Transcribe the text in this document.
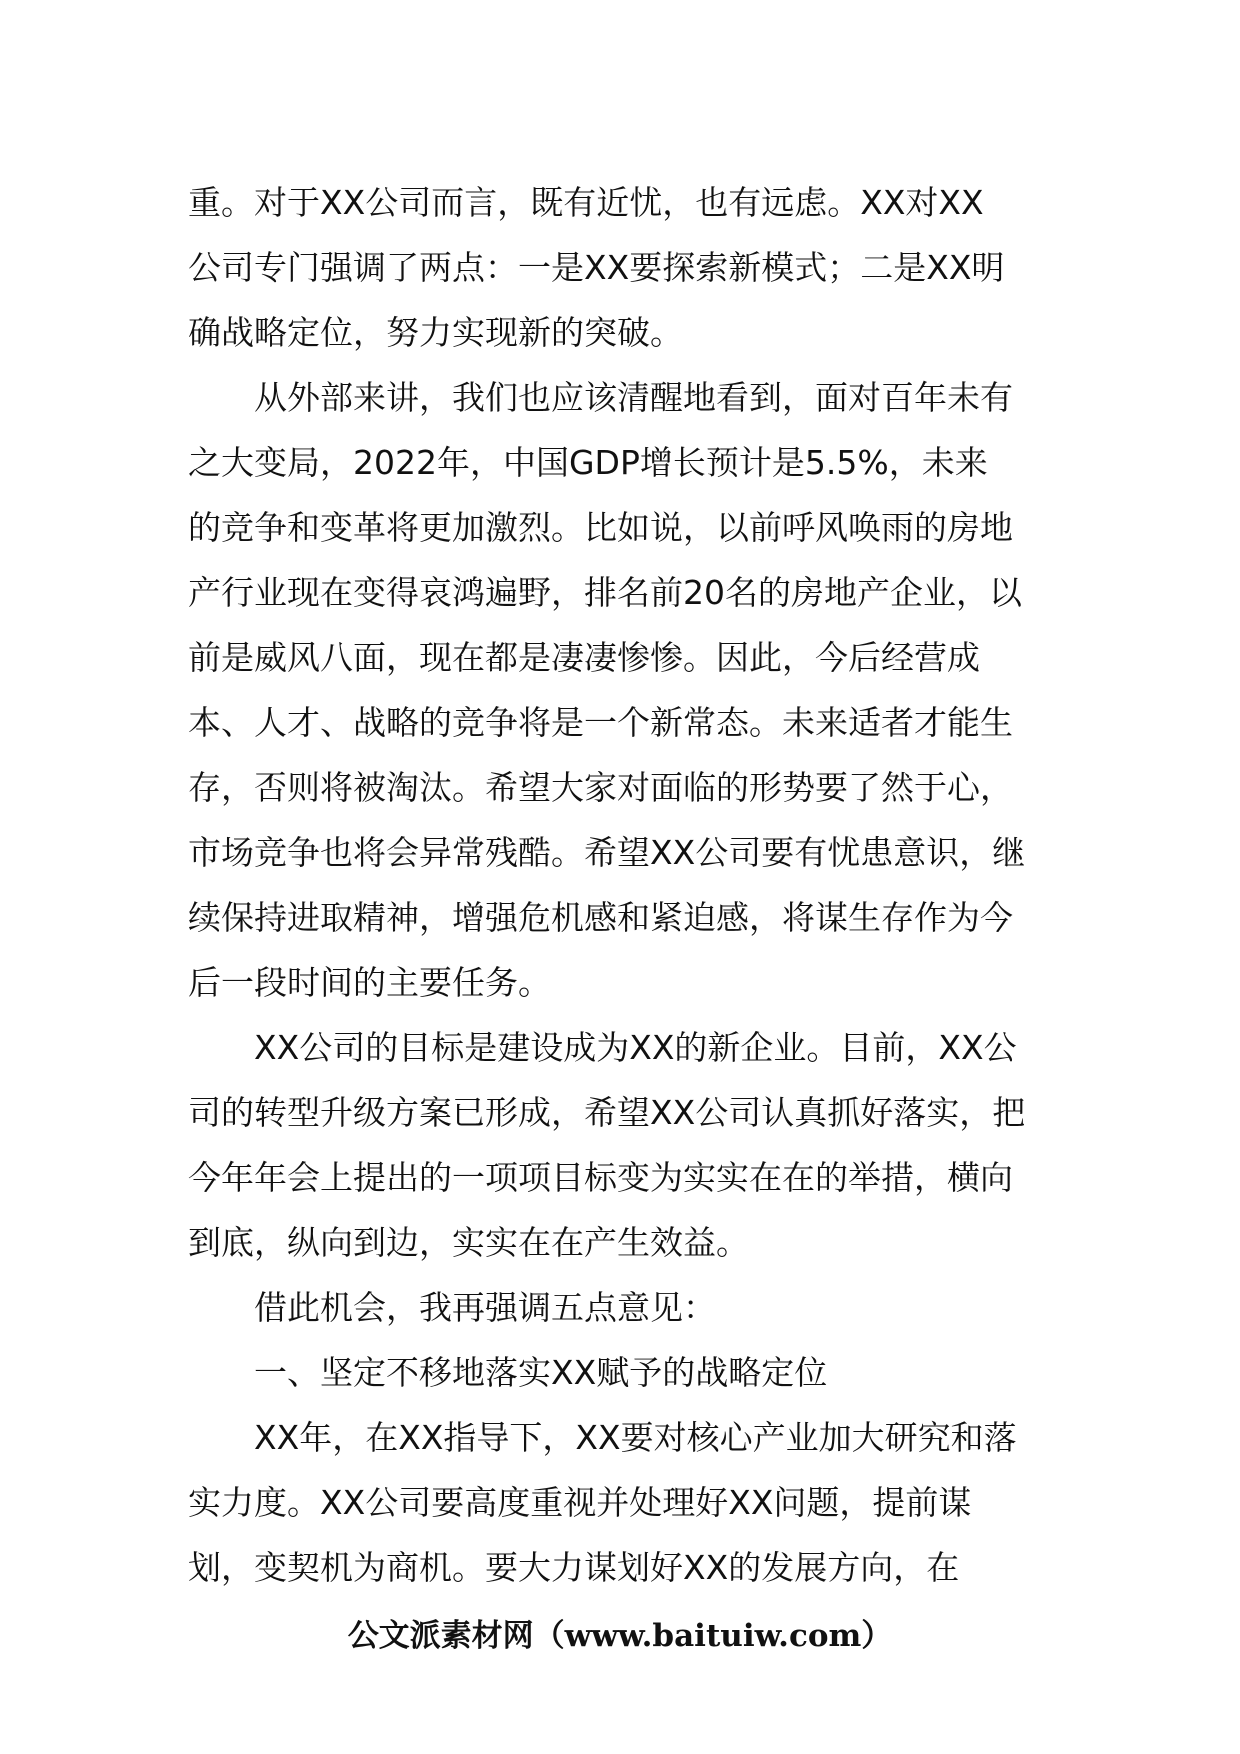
重。对于XX公司而言，既有近忧，也有远虑。XX对XX
公司专门强调了两点：一是XX要探索新模式；二是XX明
确战略定位，努力实现新的突破。
从外部来讲，我们也应该清醒地看到，面对百年未有
之大变局，2022年，中国GDP增长预计是5.5%，未来
的竞争和变革将更加激烈。比如说，以前呼风唤雨的房地
产行业现在变得哀鸿遍野，排名前20名的房地产企业，以
前是威风八面，现在都是凄凄惨惨。因此，今后经营成
本、人才、战略的竞争将是一个新常态。未来适者才能生
存，否则将被淘汰。希望大家对面临的形势要了然于心，
市场竞争也将会异常残酷。希望XX公司要有忧患意识，继
续保持进取精神，增强危机感和紧迫感，将谋生存作为今
后一段时间的主要任务。
XX公司的目标是建设成为XX的新企业。目前，XX公
司的转型升级方案已形成，希望XX公司认真抓好落实，把
今年年会上提出的一项项目标变为实实在在的举措，横向
到底，纵向到边，实实在在产生效益。
借此机会，我再强调五点意见：
一、坚定不移地落实XX赋予的战略定位
XX年，在XX指导下，XX要对核心产业加大研究和落
实力度。XX公司要高度重视并处理好XX问题，提前谋
划，变契机为商机。要大力谋划好XX的发展方向，在
公文派素材网（www.baituiw.com）
